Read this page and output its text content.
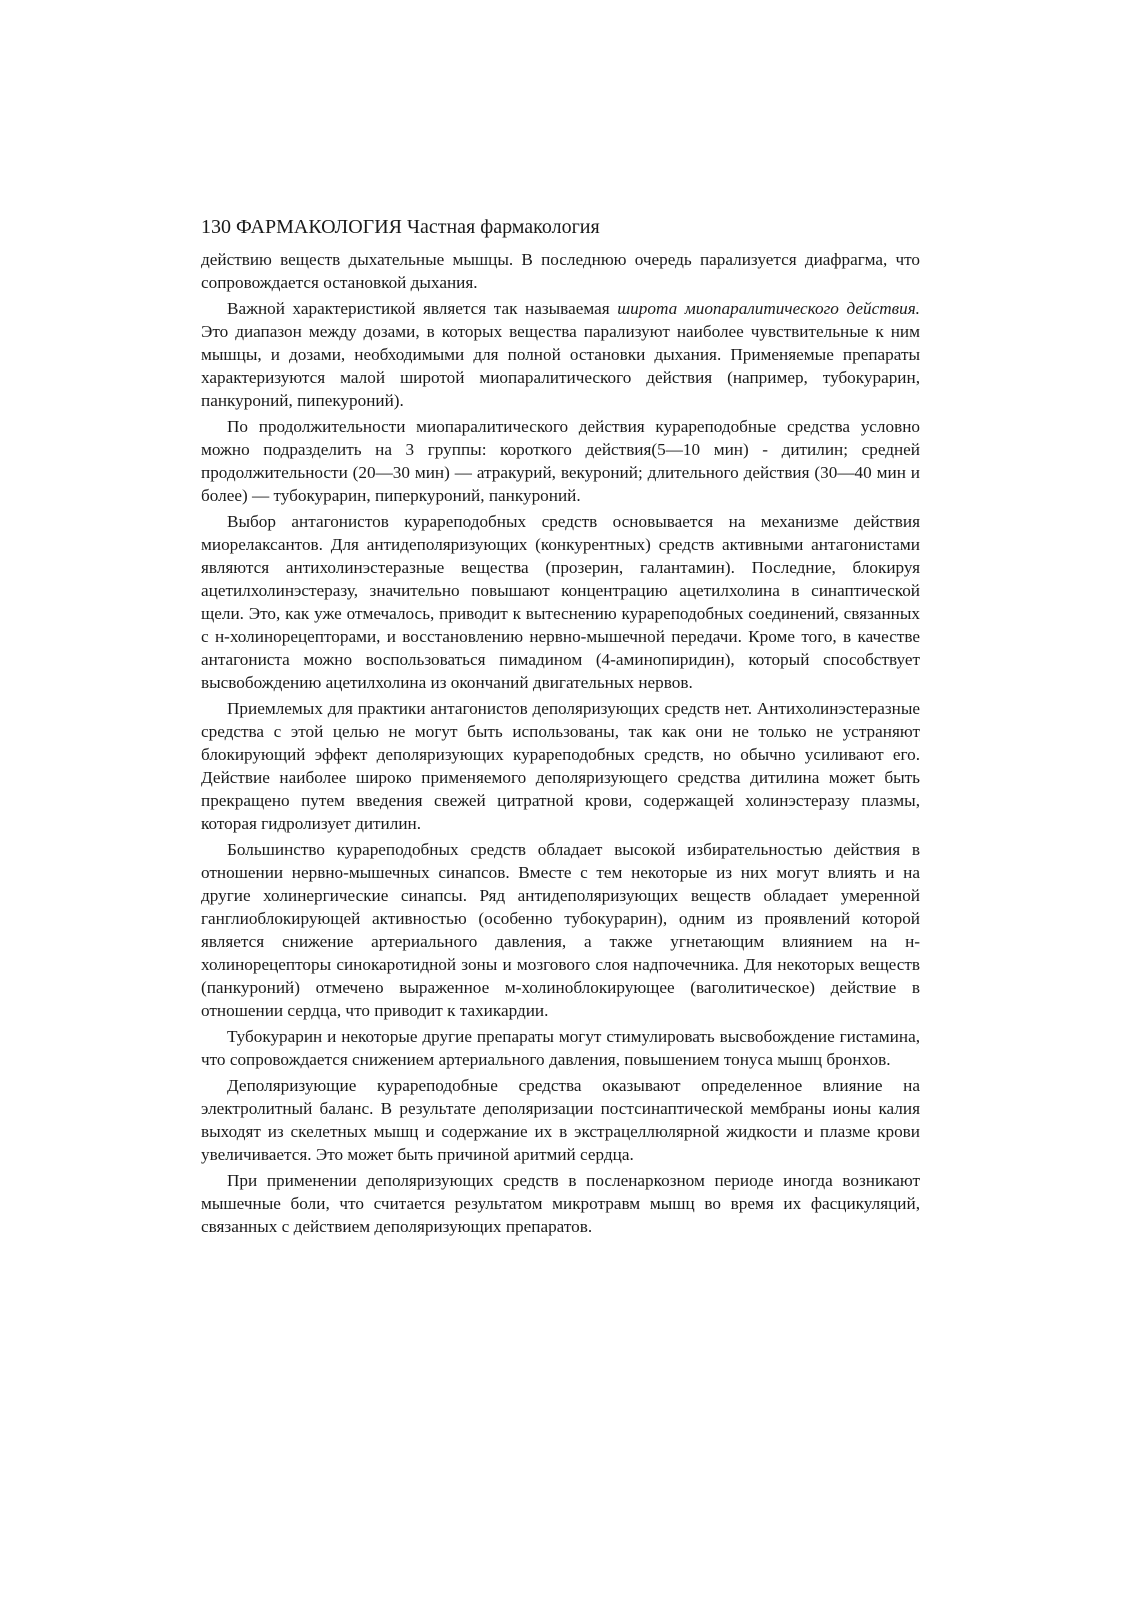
130 ФАРМАКОЛОГИЯ Частная фармакология

действию веществ дыхательные мышцы. В последнюю очередь парализуется диафрагма, что сопровождается остановкой дыхания.

Важной характеристикой является так называемая широта миопаралитического действия. Это диапазон между дозами, в которых вещества парализуют наиболее чувствительные к ним мышцы, и дозами, необходимыми для полной остановки дыхания. Применяемые препараты характеризуются малой широтой миопаралитического действия (например, тубокурарин, панкуроний, пипекуроний).

По продолжительности миопаралитического действия курареподобные средства условно можно подразделить на 3 группы: короткого действия(5—10 мин) - дитилин; средней продолжительности (20—30 мин) — атракурий, векуроний; длительного действия (30—40 мин и более) — тубокурарин, пиперкуроний, панкуроний.

Выбор антагонистов курареподобных средств основывается на механизме действия миорелаксантов. Для антидеполяризующих (конкурентных) средств активными антагонистами являются антихолинэстеразные вещества (прозерин, галантамин). Последние, блокируя ацетилхолинэстеразу, значительно повышают концентрацию ацетилхолина в синаптической щели. Это, как уже отмечалось, приводит к вытеснению курареподобных соединений, связанных с н-холинорецепторами, и восстановлению нервно-мышечной передачи. Кроме того, в качестве антагониста можно воспользоваться пимадином (4-аминопиридин), который способствует высвобождению ацетилхолина из окончаний двигательных нервов.

Приемлемых для практики антагонистов деполяризующих средств нет. Антихолинэстеразные средства с этой целью не могут быть использованы, так как они не только не устраняют блокирующий эффект деполяризующих курареподобных средств, но обычно усиливают его. Действие наиболее широко применяемого деполяризующего средства дитилина может быть прекращено путем введения свежей цитратной крови, содержащей холинэстеразу плазмы, которая гидролизует дитилин.

Большинство курареподобных средств обладает высокой избирательностью действия в отношении нервно-мышечных синапсов. Вместе с тем некоторые из них могут влиять и на другие холинергические синапсы. Ряд антидеполяризующих веществ обладает умеренной ганглиоблокирующей активностью (особенно тубокурарин), одним из проявлений которой является снижение артериального давления, а также угнетающим влиянием на н-холинорецепторы синокаротидной зоны и мозгового слоя надпочечника. Для некоторых веществ (панкуроний) отмечено выраженное м-холиноблокирующее (ваголитическое) действие в отношении сердца, что приводит к тахикардии.

Тубокурарин и некоторые другие препараты могут стимулировать высвобождение гистамина, что сопровождается снижением артериального давления, повышением тонуса мышц бронхов.

Деполяризующие курареподобные средства оказывают определенное влияние на электролитный баланс. В результате деполяризации постсинаптической мембраны ионы калия выходят из скелетных мышц и содержание их в экстрацеллюлярной жидкости и плазме крови увеличивается. Это может быть причиной аритмий сердца.

При применении деполяризующих средств в посленаркозном периоде иногда возникают мышечные боли, что считается результатом микротравм мышц во время их фасцикуляций, связанных с действием деполяризующих препаратов.
